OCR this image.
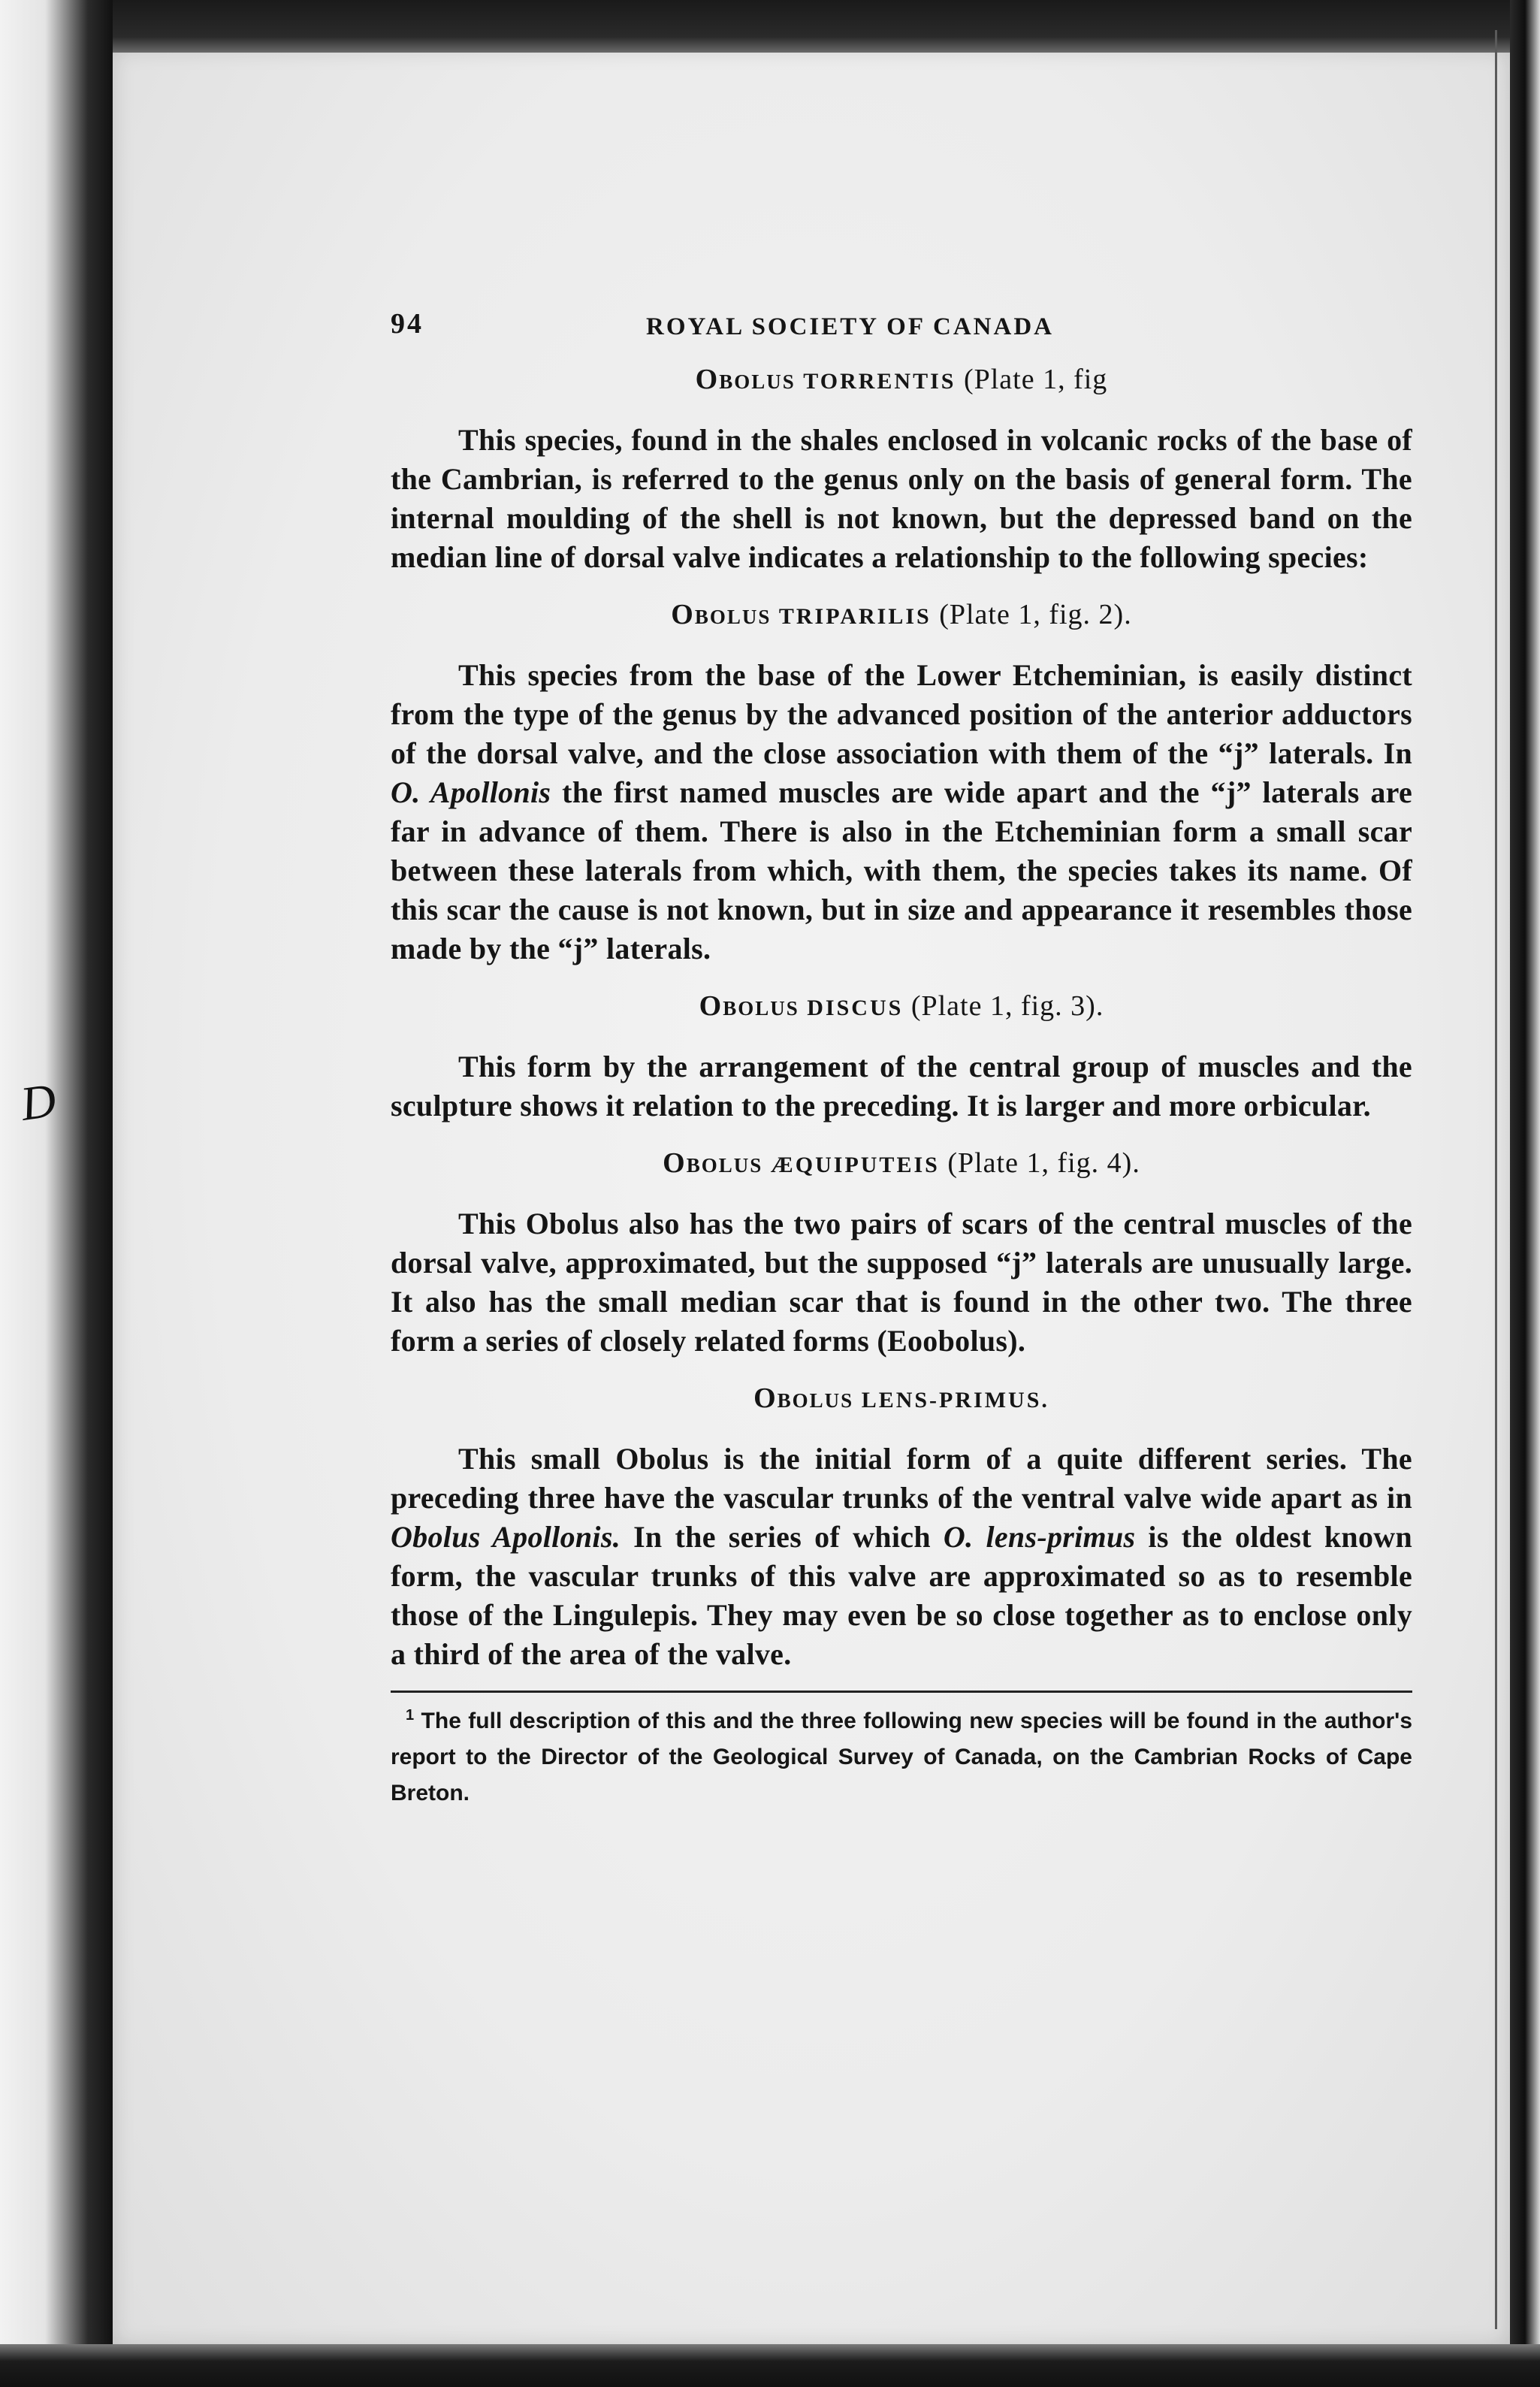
D
94	ROYAL SOCIETY OF CANADA
Obolus TORRENTIS (Plate 1, fig

This species, found in the shales enclosed in volcanic rocks of the base of the Cambrian, is referred to the genus only on the basis of general form. The internal moulding of the shell is not known, but the depressed band on the median line of dorsal valve indicates a relationship to the following species:

Obolus TRIPARILIS (Plate 1, fig. 2).

This species from the base of the Lower Etcheminian, is easily distinct from the type of the genus by the advanced position of the anterior adductors of the dorsal valve, and the close association with them of the “j” laterals. In O. Apollonis the first named muscles are wide apart and the “j” laterals are far in advance of them. There is also in the Etcheminian form a small scar between these laterals from which, with them, the species takes its name. Of this scar the cause is not known, but in size and appearance it resembles those made by the “j” laterals.

Obolus DISCUS (Plate 1, fig. 3).

This form by the arrangement of the central group of muscles and the sculpture shows it relation to the preceding. It is larger and more orbicular.

Obolus ÆQUIPUTEIS (Plate 1, fig. 4).

This Obolus also has the two pairs of scars of the central muscles of the dorsal valve, approximated, but the supposed “j” laterals are unusually large. It also has the small median scar that is found in the other two. The three form a series of closely related forms (Eoobolus).

Obolus LENS-PRIMUS.

This small Obolus is the initial form of a quite different series. The preceding three have the vascular trunks of the ventral valve wide apart as in Obolus Apollonis. In the series of which O. lens-primus is the oldest known form, the vascular trunks of this valve are approximated so as to resemble those of the Lingulepis. They may even be so close together as to enclose only a third of the area of the valve.

$^1$ The full description of this and the three following new species will be found in the author's report to the Director of the Geological Survey of Canada, on the Cambrian Rocks of Cape Breton.
